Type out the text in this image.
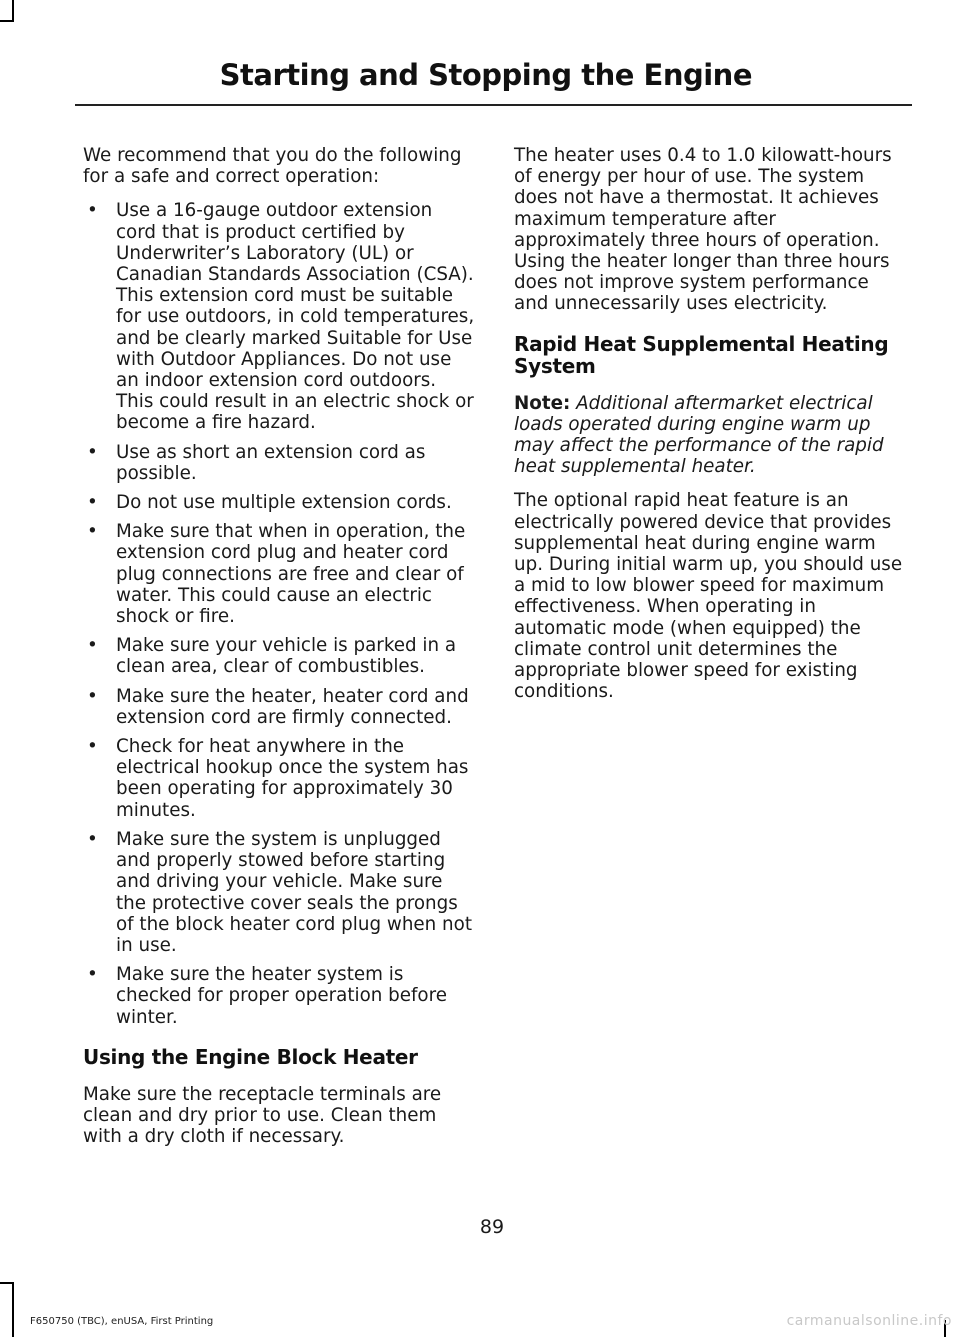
Starting and Stopping the Engine

We recommend that you do the following for a safe and correct operation:

• Use a 16-gauge outdoor extension cord that is product certified by Underwriter’s Laboratory (UL) or Canadian Standards Association (CSA). This extension cord must be suitable for use outdoors, in cold temperatures, and be clearly marked Suitable for Use with Outdoor Appliances. Do not use an indoor extension cord outdoors. This could result in an electric shock or become a fire hazard.
• Use as short an extension cord as possible.
• Do not use multiple extension cords.
• Make sure that when in operation, the extension cord plug and heater cord plug connections are free and clear of water. This could cause an electric shock or fire.
• Make sure your vehicle is parked in a clean area, clear of combustibles.
• Make sure the heater, heater cord and extension cord are firmly connected.
• Check for heat anywhere in the electrical hookup once the system has been operating for approximately 30 minutes.
• Make sure the system is unplugged and properly stowed before starting and driving your vehicle. Make sure the protective cover seals the prongs of the block heater cord plug when not in use.
• Make sure the heater system is checked for proper operation before winter.
Using the Engine Block Heater

Make sure the receptacle terminals are clean and dry prior to use. Clean them with a dry cloth if necessary.

The heater uses 0.4 to 1.0 kilowatt-hours of energy per hour of use. The system does not have a thermostat. It achieves maximum temperature after approximately three hours of operation. Using the heater longer than three hours does not improve system performance and unnecessarily uses electricity.

Rapid Heat Supplemental Heating System

Note: Additional aftermarket electrical loads operated during engine warm up may affect the performance of the rapid heat supplemental heater.

The optional rapid heat feature is an electrically powered device that provides supplemental heat during engine warm up. During initial warm up, you should use a mid to low blower speed for maximum effectiveness. When operating in automatic mode (when equipped) the climate control unit determines the appropriate blower speed for existing conditions.

89
F650750 (TBC), enUSA, First Printing	carmanualsonline.info
